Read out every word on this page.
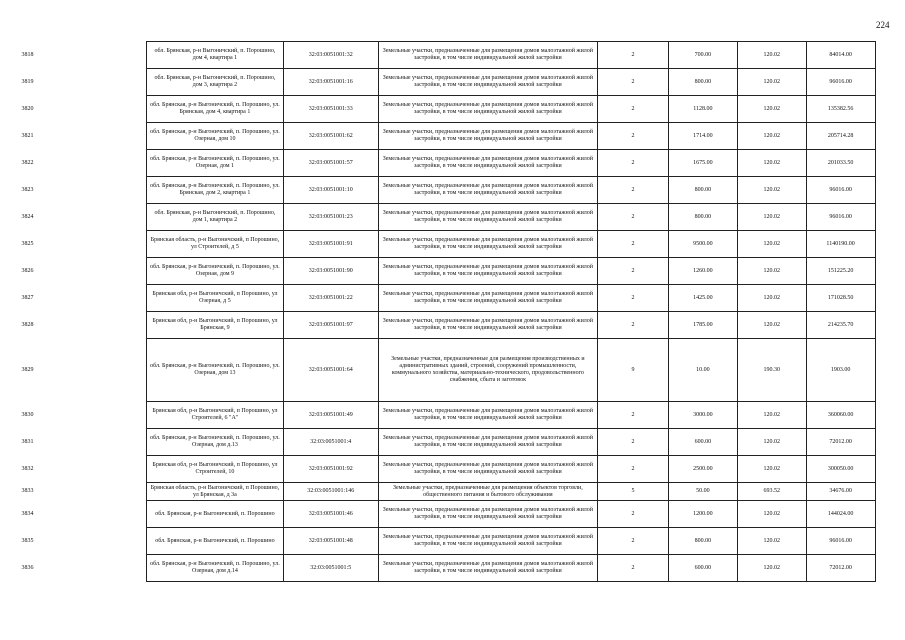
224
3818		обл. Брянская, р-н Выгоничский, п. Порошино, дом 4, квартира 1	32:03:0051001:32	Земельные участки, предназначенные для размещения домов малоэтажной жилой застройки, в том числе индивидуальной жилой застройки	2	700.00	120.02	84014.00	
3819		обл. Брянская, р-н Выгоничский, п. Порошино, дом 3, квартира 2	32:03:0051001:16	Земельные участки, предназначенные для размещения домов малоэтажной жилой застройки, в том числе индивидуальной жилой застройки	2	800.00	120.02	96016.00	
3820		обл. Брянская, р-н Выгоничский, п. Порошино, ул. Брянская, дом 4, квартира 1	32:03:0051001:33	Земельные участки, предназначенные для размещения домов малоэтажной жилой застройки, в том числе индивидуальной жилой застройки	2	1128.00	120.02	135382.56	
3821		обл. Брянская, р-н Выгоничский, п. Порошино, ул. Озерная, дом 10	32:03:0051001:62	Земельные участки, предназначенные для размещения домов малоэтажной жилой застройки, в том числе индивидуальной жилой застройки	2	1714.00	120.02	205714.28	
3822		обл. Брянская, р-н Выгоничский, п. Порошино, ул. Озерная, дом 1	32:03:0051001:57	Земельные участки, предназначенные для размещения домов малоэтажной жилой застройки, в том числе индивидуальной жилой застройки	2	1675.00	120.02	201033.50	
3823		обл. Брянская, р-н Выгоничский, п. Порошино, ул. Брянская, дом 2, квартира 1	32:03:0051001:10	Земельные участки, предназначенные для размещения домов малоэтажной жилой застройки, в том числе индивидуальной жилой застройки	2	800.00	120.02	96016.00	
3824		обл. Брянская, р-н Выгоничский, п. Порошино, дом 1, квартира 2	32:03:0051001:23	Земельные участки, предназначенные для размещения домов малоэтажной жилой застройки, в том числе индивидуальной жилой застройки	2	800.00	120.02	96016.00	
3825		Брянская область, р-н Выгоничский, п Порошино, ул Строителей, д 5	32:03:0051001:91	Земельные участки, предназначенные для размещения домов малоэтажной жилой застройки, в том числе индивидуальной жилой застройки	2	9500.00	120.02	1140190.00	
3826		обл. Брянская, р-н Выгоничский, п. Порошино, ул. Озерная, дом 9	32:03:0051001:90	Земельные участки, предназначенные для размещения домов малоэтажной жилой застройки, в том числе индивидуальной жилой застройки	2	1260.00	120.02	151225.20	
3827		Брянская обл, р-н Выгоничский, п Порошино, ул Озерная, д 5	32:03:0051001:22	Земельные участки, предназначенные для размещения домов малоэтажной жилой застройки, в том числе индивидуальной жилой застройки	2	1425.00	120.02	171028.50	
3828		Брянская обл, р-н Выгоничский, п Порошино, ул Брянская, 9	32:03:0051001:97	Земельные участки, предназначенные для размещения домов малоэтажной жилой застройки, в том числе индивидуальной жилой застройки	2	1785.00	120.02	214235.70	
3829		обл. Брянская, р-н Выгоничский, п. Порошино, ул. Озерная, дом 13	32:03:0051001:64	Земельные участки, предназначенные для размещения производственных и административных зданий, строений, сооружений промышленности, коммунального хозяйства, материально-технического, продовольственного снабжения, сбыта и заготовок	9	10.00	190.30	1903.00	
3830		Брянская обл, р-н Выгоничский, п Порошино, ул Строителей, 6 "А"	32:03:0051001:49	Земельные участки, предназначенные для размещения домов малоэтажной жилой застройки, в том числе индивидуальной жилой застройки	2	3000.00	120.02	360060.00	
3831		обл. Брянская, р-н Выгоничский, п. Порошино, ул. Озерная, дом д.13	32:03:0051001:4	Земельные участки, предназначенные для размещения домов малоэтажной жилой застройки, в том числе индивидуальной жилой застройки	2	600.00	120.02	72012.00	
3832		Брянская обл, р-н Выгоничский, п Порошино, ул Строителей, 10	32:03:0051001:92	Земельные участки, предназначенные для размещения домов малоэтажной жилой застройки, в том числе индивидуальной жилой застройки	2	2500.00	120.02	300050.00	
3833		Брянская область, р-н Выгоничский, п Порошино, ул Брянская, д 3а	32:03:0051001:146	Земельные участки, предназначенные для размещения объектов торговли, общественного питания и бытового обслуживания	5	50.00	693.52	34676.00	
3834		обл. Брянская, р-н Выгоничский, п. Порошино	32:03:0051001:46	Земельные участки, предназначенные для размещения домов малоэтажной жилой застройки, в том числе индивидуальной жилой застройки	2	1200.00	120.02	144024.00	
3835		обл. Брянская, р-н Выгоничский, п. Порошино	32:03:0051001:48	Земельные участки, предназначенные для размещения домов малоэтажной жилой застройки, в том числе индивидуальной жилой застройки	2	800.00	120.02	96016.00	
3836		обл. Брянская, р-н Выгоничский, п. Порошино, ул. Озерная, дом д.14	32:03:0051001:5	Земельные участки, предназначенные для размещения домов малоэтажной жилой застройки, в том числе индивидуальной жилой застройки	2	600.00	120.02	72012.00	
